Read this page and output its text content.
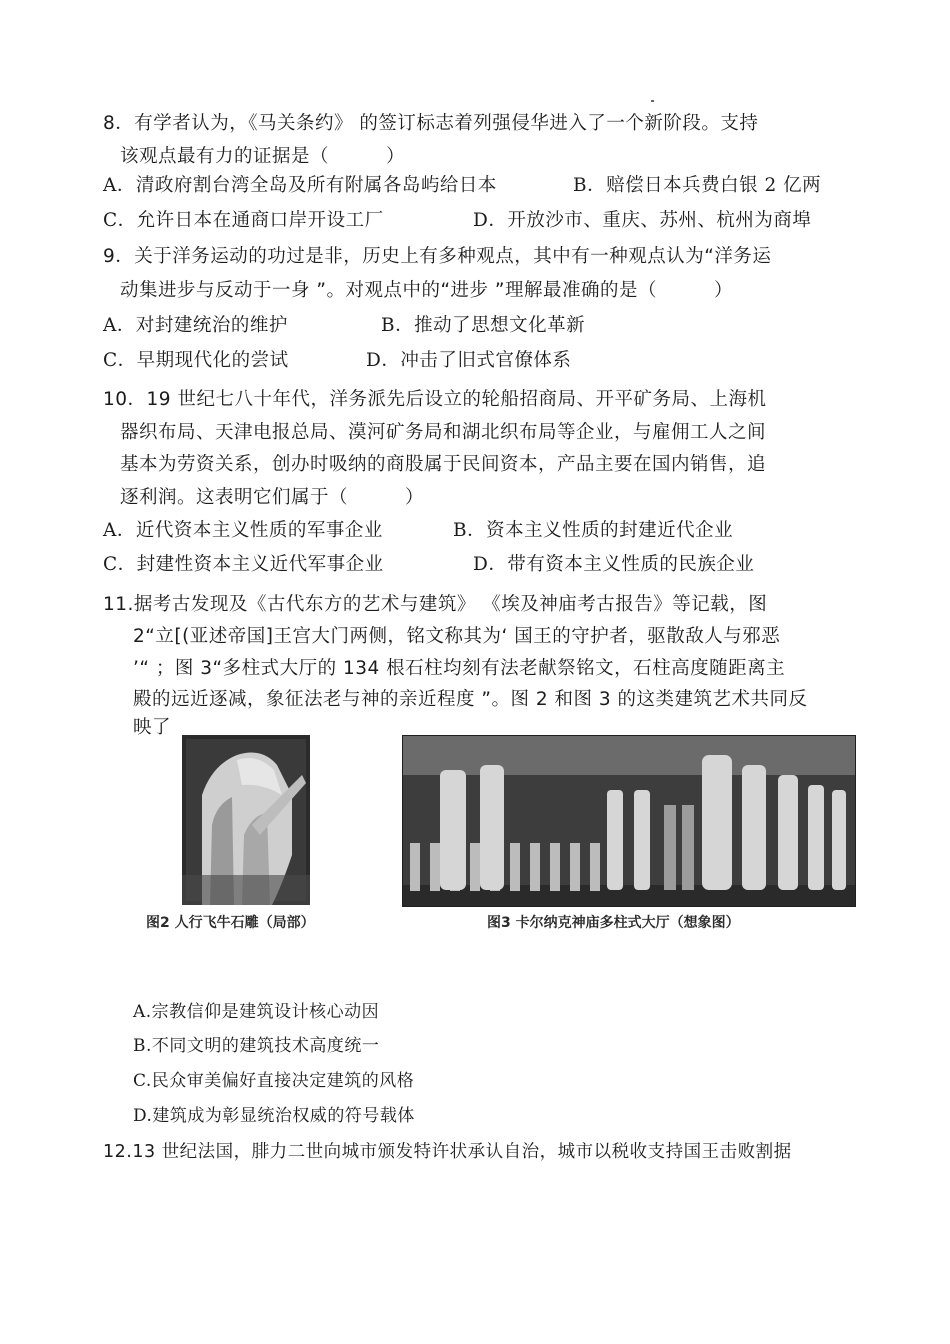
8．有学者认为，《马关条约》 的签订标志着列强侵华进入了一个新阶段。支持
该观点最有力的证据是（　　　）
A．清政府割台湾全岛及所有附属各岛屿给日本	B．赔偿日本兵费白银 2 亿两
C．允许日本在通商口岸开设工厂	D．开放沙市、重庆、苏州、杭州为商埠
9．关于洋务运动的功过是非，历史上有多种观点，其中有一种观点认为“洋务运
动集进步与反动于一身 ”。对观点中的“进步 ”理解最准确的是（　　　）
A．对封建统治的维护	B．推动了思想文化革新
C．早期现代化的尝试	D．冲击了旧式官僚体系
10．19 世纪七八十年代，洋务派先后设立的轮船招商局、开平矿务局、上海机
器织布局、天津电报总局、漠河矿务局和湖北织布局等企业，与雇佣工人之间
基本为劳资关系，创办时吸纳的商股属于民间资本，产品主要在国内销售，追
逐利润。这表明它们属于（　　　）
A．近代资本主义性质的军事企业	B．资本主义性质的封建近代企业
C．封建性资本主义近代军事企业	D．带有资本主义性质的民族企业
11.据考古发现及《古代东方的艺术与建筑》 《埃及神庙考古报告》等记载，图
2“立[(亚述帝国]王宫大门两侧，铭文称其为‘ 国王的守护者，驱散敌人与邪恶
’“ ；图 3“多柱式大厅的 134 根石柱均刻有法老献祭铭文，石柱高度随距离主
殿的远近逐减，象征法老与神的亲近程度 ”。图 2 和图 3 的这类建筑艺术共同反
映了
图2 人行飞牛石雕（局部）	图3 卡尔纳克神庙多柱式大厅（想象图）
A.宗教信仰是建筑设计核心动因
B.不同文明的建筑技术高度统一
C.民众审美偏好直接决定建筑的风格
D.建筑成为彰显统治权威的符号载体
12.13 世纪法国，腓力二世向城市颁发特许状承认自治，城市以税收支持国王击败割据
